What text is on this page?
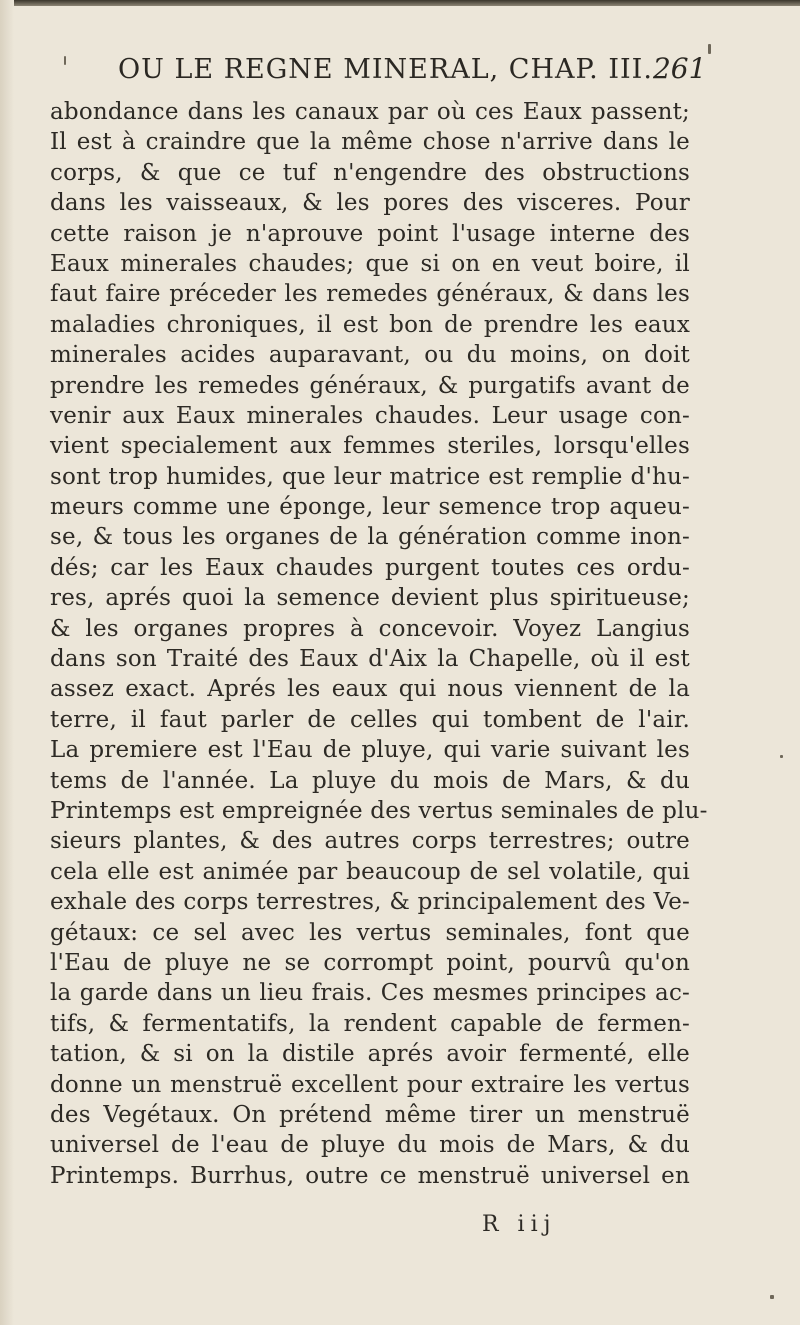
OU LE REGNE MINERAL, CHAP. III. 261
abondance dans les canaux par où ces Eaux passent;
Il est à craindre que la même chose n'arrive dans le
corps, & que ce tuf n'engendre des obstructions
dans les vaisseaux, & les pores des visceres. Pour
cette raison je n'aprouve point l'usage interne des
Eaux minerales chaudes; que si on en veut boire, il
faut faire préceder les remedes généraux, & dans les
maladies chroniques, il est bon de prendre les eaux
minerales acides auparavant, ou du moins, on doit
prendre les remedes généraux, & purgatifs avant de
venir aux Eaux minerales chaudes. Leur usage con-
vient specialement aux femmes steriles, lorsqu'elles
sont trop humides, que leur matrice est remplie d'hu-
meurs comme une éponge, leur semence trop aqueu-
se, & tous les organes de la génération comme inon-
dés; car les Eaux chaudes purgent toutes ces ordu-
res, aprés quoi la semence devient plus spiritueuse;
& les organes propres à concevoir. Voyez Langius
dans son Traité des Eaux d'Aix la Chapelle, où il est
assez exact. Aprés les eaux qui nous viennent de la
terre, il faut parler de celles qui tombent de l'air.
La premiere est l'Eau de pluye, qui varie suivant les
tems de l'année. La pluye du mois de Mars, & du
Printemps est empreignée des vertus seminales de plu-
sieurs plantes, & des autres corps terrestres; outre
cela elle est animée par beaucoup de sel volatile, qui
exhale des corps terrestres, & principalement des Ve-
gétaux: ce sel avec les vertus seminales, font que
l'Eau de pluye ne se corrompt point, pourvû qu'on
la garde dans un lieu frais. Ces mesmes principes ac-
tifs, & fermentatifs, la rendent capable de fermen-
tation, & si on la distile aprés avoir fermenté, elle
donne un menstruë excellent pour extraire les vertus
des Vegétaux. On prétend même tirer un menstruë
universel de l'eau de pluye du mois de Mars, & du
Printemps. Burrhus, outre ce menstruë universel en
R iij
